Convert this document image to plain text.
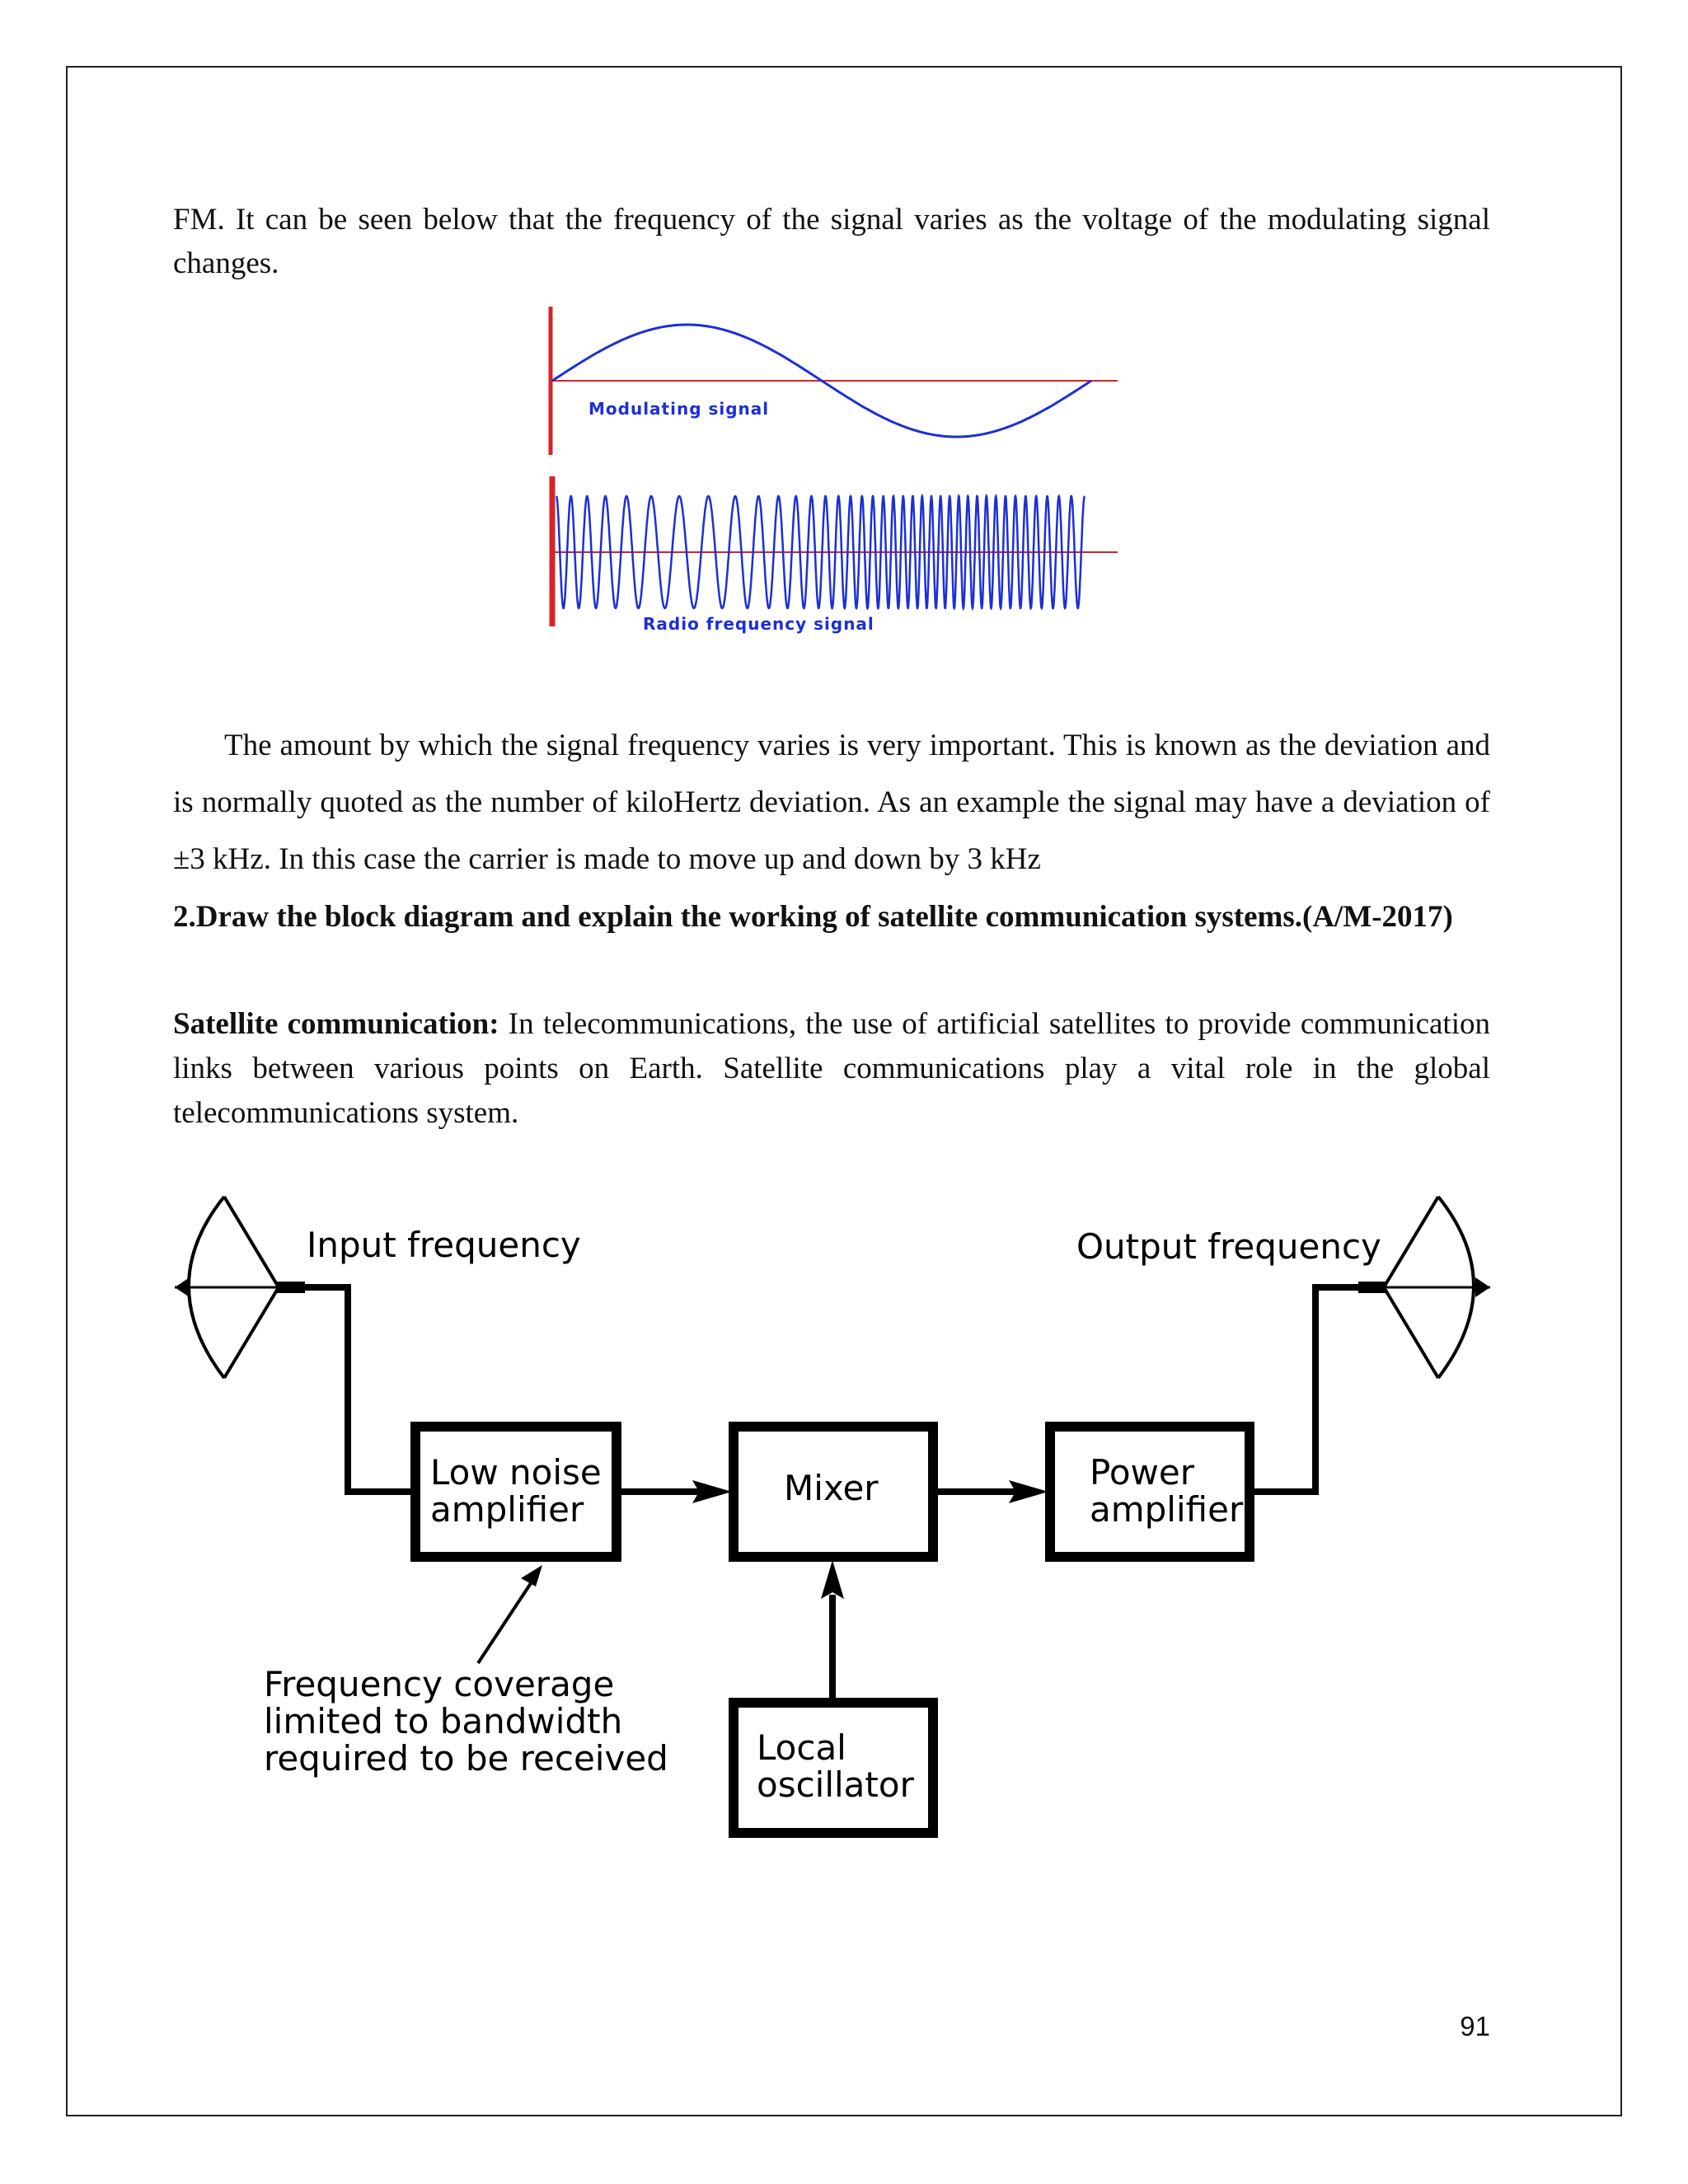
FM. It can be seen below that the frequency of the signal varies as the voltage of the modulating signal changes.

Modulating signal
Radio frequency signal

The amount by which the signal frequency varies is very important. This is known as the deviation and is normally quoted as the number of kiloHertz deviation. As an example the signal may have a deviation of ±3 kHz. In this case the carrier is made to move up and down by 3 kHz

2.Draw the block diagram and explain the working of satellite communication systems.(A/M-2017)

Satellite communication: In telecommunications, the use of artificial satellites to provide communication links between various points on Earth. Satellite communications play a vital role in the global telecommunications system.

Input frequency	Output frequency
Low noise
amplifier
Mixer	Power
amplifier
Local
oscillator
Frequency coverage
limited to bandwidth
required to be received
91
